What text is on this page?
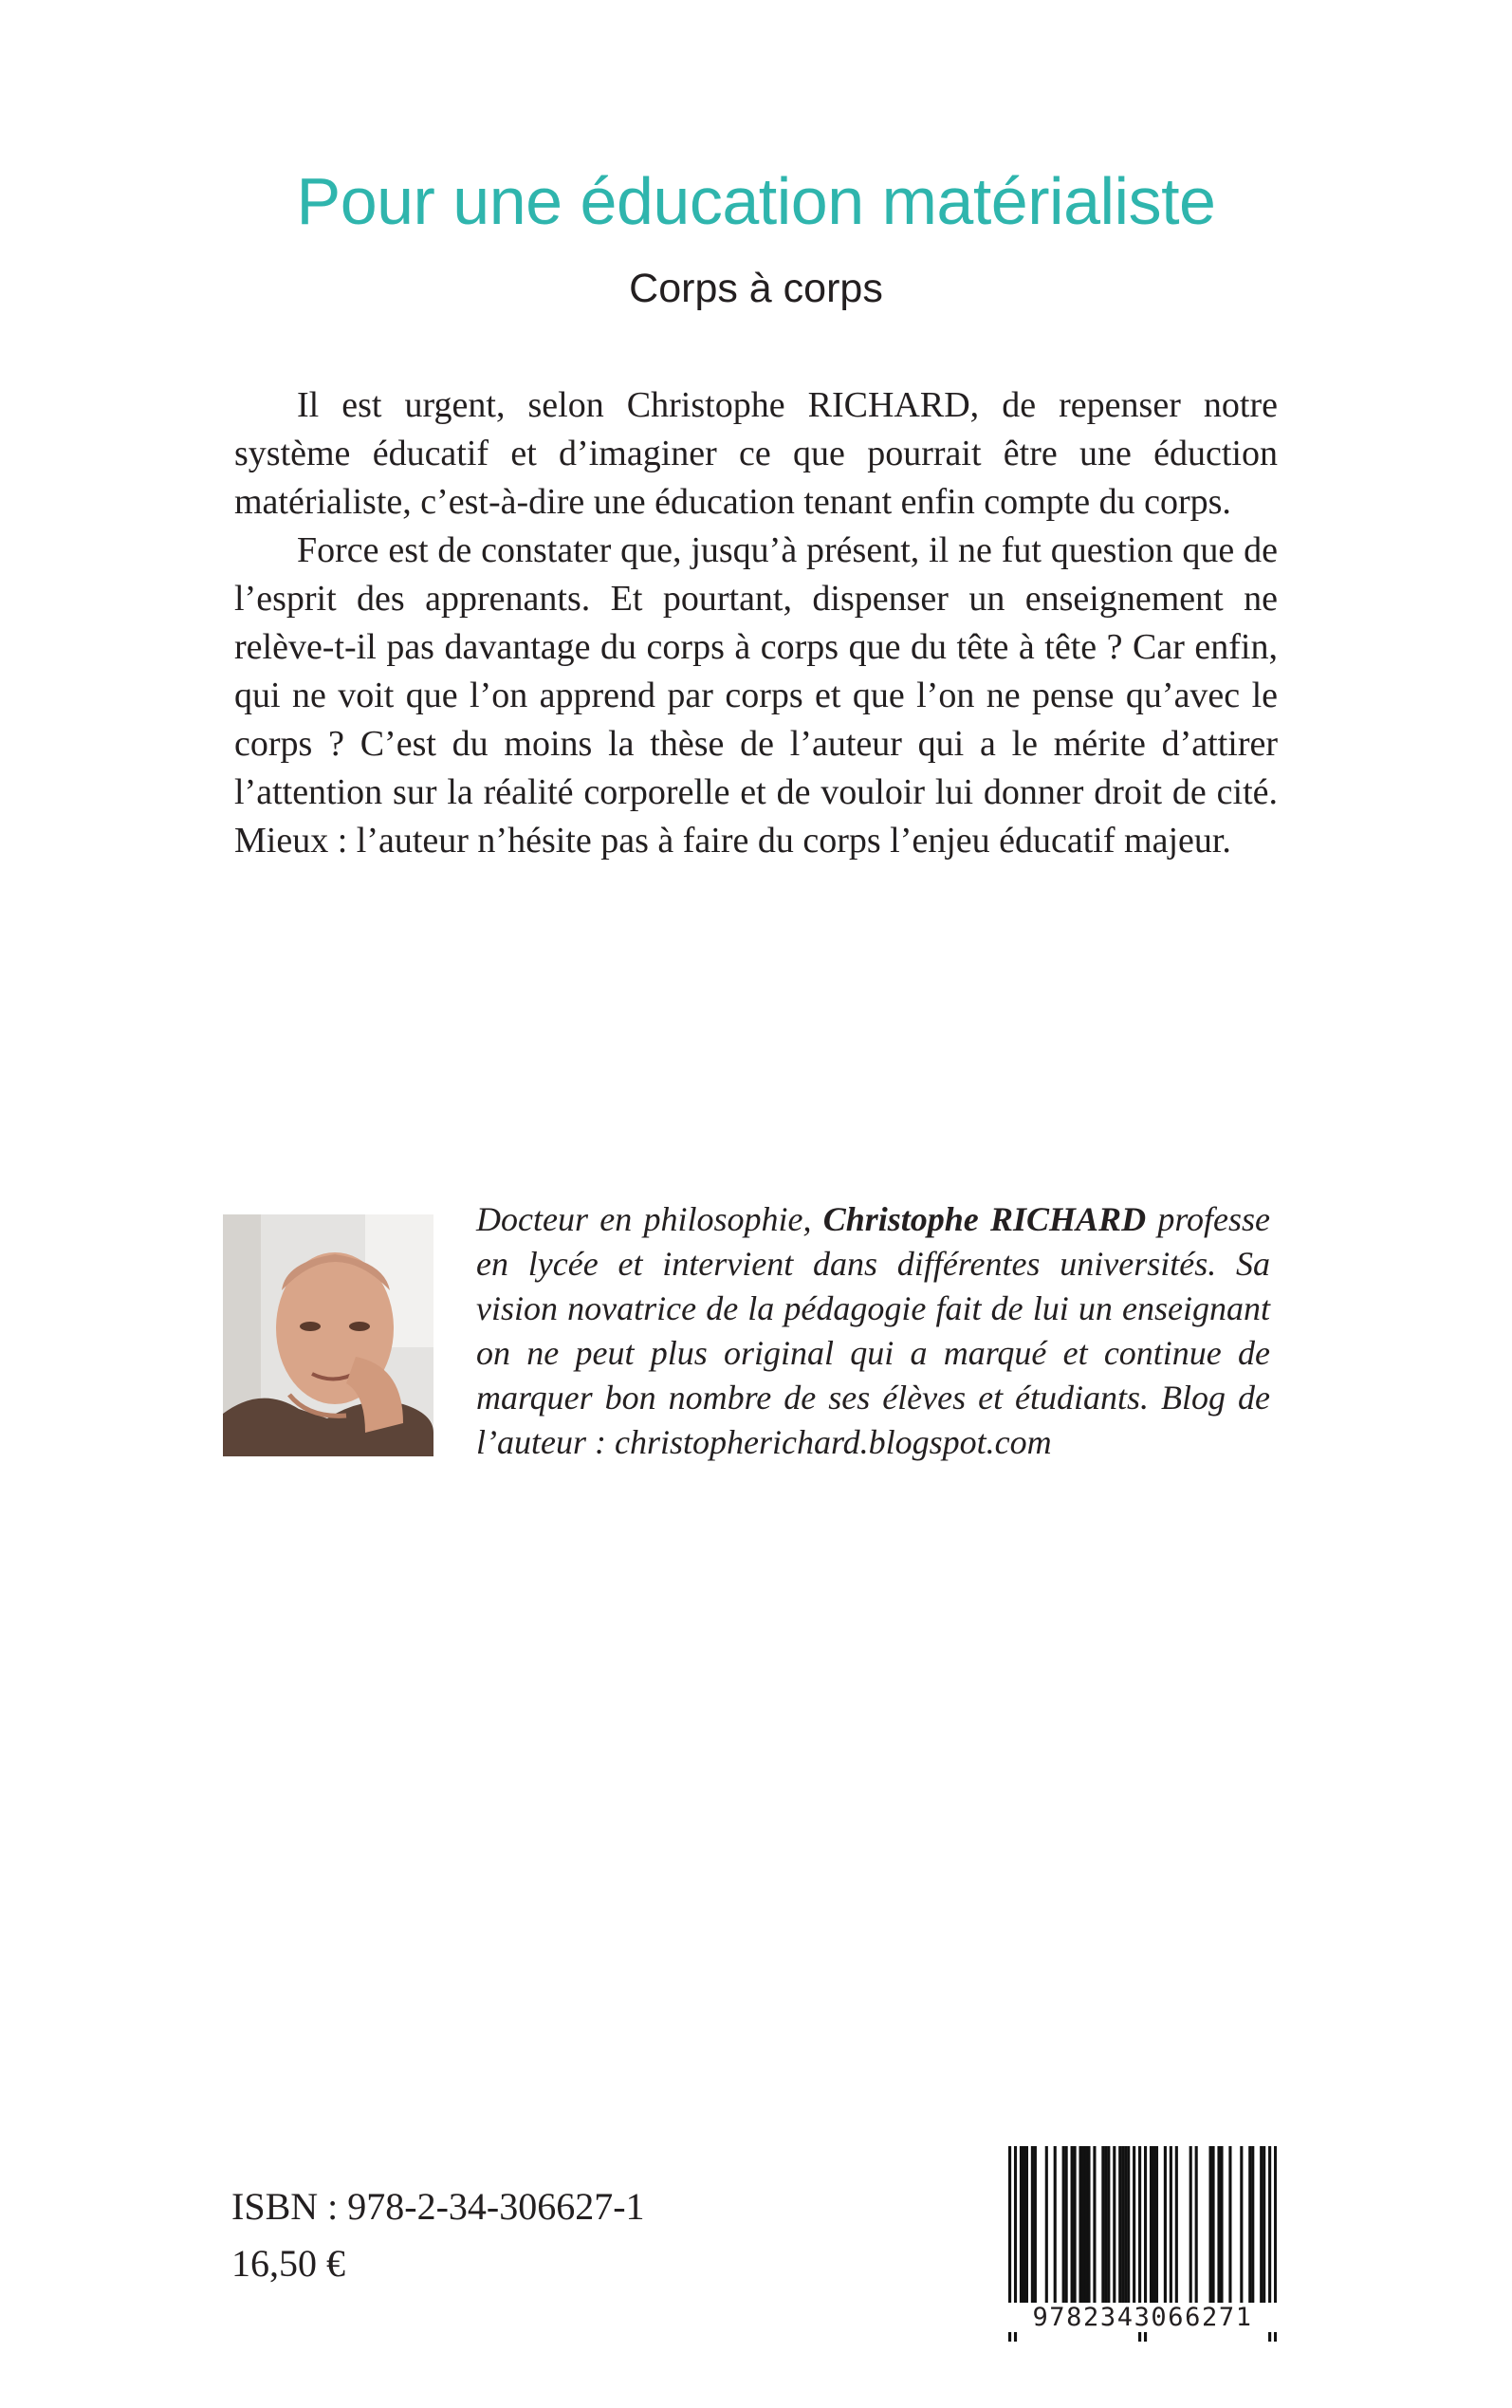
Pour une éducation matérialiste
Corps à corps

Il est urgent, selon Christophe RICHARD, de repenser notre système éducatif et d’imaginer ce que pourrait être une éduction matérialiste, c’est-à-dire une éducation tenant enfin compte du corps.

Force est de constater que, jusqu’à présent, il ne fut question que de l’esprit des apprenants. Et pourtant, dispenser un enseignement ne relève-t-il pas davantage du corps à corps que du tête à tête ? Car enfin, qui ne voit que l’on apprend par corps et que l’on ne pense qu’avec le corps ? C’est du moins la thèse de l’auteur qui a le mérite d’attirer l’attention sur la réalité corporelle et de vouloir lui donner droit de cité. Mieux : l’auteur n’hésite pas à faire du corps l’enjeu éducatif majeur.

Docteur en philosophie, Christophe RICHARD professe en lycée et intervient dans différentes universités. Sa vision novatrice de la pédagogie fait de lui un enseignant on ne peut plus original qui a marqué et continue de marquer bon nombre de ses élèves et étudiants. Blog de l’auteur : christopherichard.blogspot.com

ISBN : 978-2-34-306627-1
16,50 €
9782343066271
